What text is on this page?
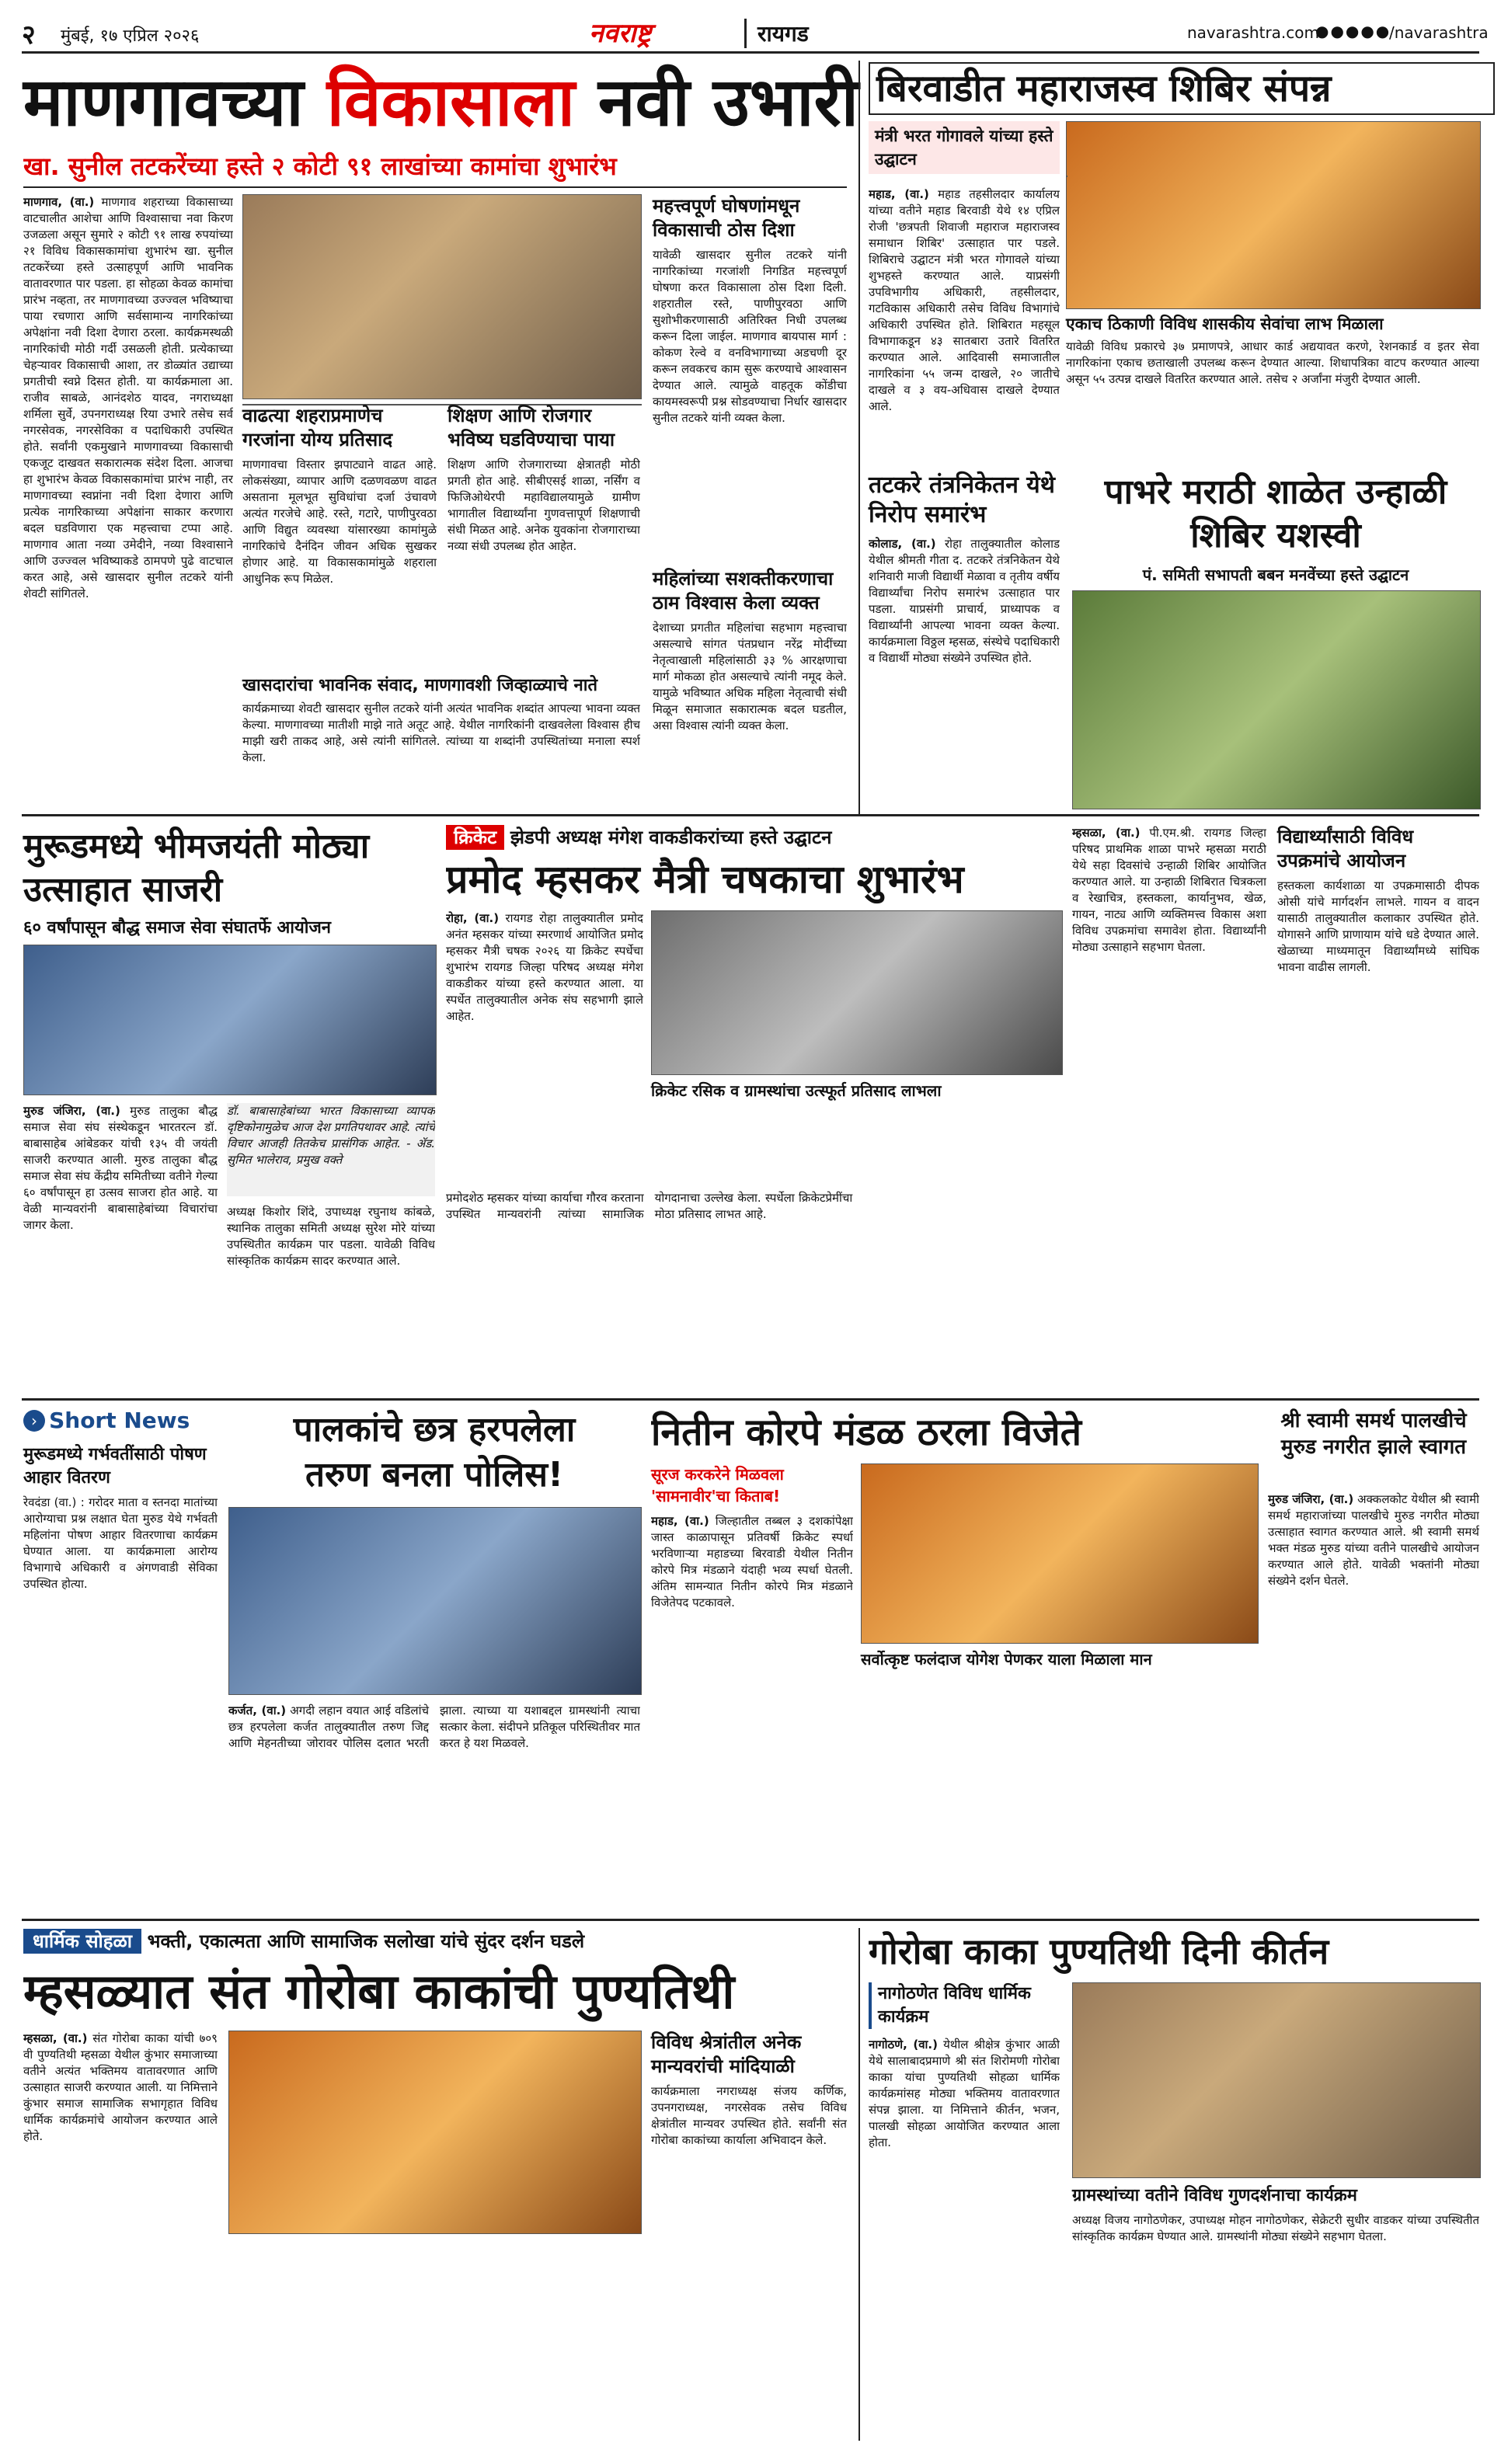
२ मुंबई, १७ एप्रिल २०२६	नवराष्ट्र	रायगड	navarashtra.com
●●●●●
/navarashtra
माणगावच्या विकासाला नवी उभारी
खा. सुनील तटकरेंच्या हस्ते २ कोटी ९१ लाखांच्या कामांचा शुभारंभ
माणगाव, (वा.) माणगाव शहराच्या विकासाच्या वाटचालीत आशेचा आणि विश्वासाचा नवा किरण उजळला असून सुमारे २ कोटी ९१ लाख रुपयांच्या २१ विविध विकासकामांचा शुभारंभ खा. सुनील तटकरेंच्या हस्ते उत्साहपूर्ण आणि भावनिक वातावरणात पार पडला. हा सोहळा केवळ कामांचा प्रारंभ नव्हता, तर माणगावच्या उज्ज्वल भविष्याचा पाया रचणारा आणि सर्वसामान्य नागरिकांच्या अपेक्षांना नवी दिशा देणारा ठरला. कार्यक्रमस्थळी नागरिकांची मोठी गर्दी उसळली होती. प्रत्येकाच्या चेहऱ्यावर विकासाची आशा, तर डोळ्यांत उद्याच्या प्रगतीची स्वप्ने दिसत होती. या कार्यक्रमाला आ. राजीव साबळे, आनंदशेठ यादव, नगराध्यक्षा शर्मिला सुर्वे, उपनगराध्यक्ष रिया उभारे तसेच सर्व नगरसेवक, नगरसेविका व पदाधिकारी उपस्थित होते. सर्वांनी एकमुखाने माणगावच्या विकासाची एकजूट दाखवत सकारात्मक संदेश दिला. आजचा हा शुभारंभ केवळ विकासकामांचा प्रारंभ नाही, तर माणगावच्या स्वप्नांना नवी दिशा देणारा आणि प्रत्येक नागरिकाच्या अपेक्षांना साकार करणारा बदल घडविणारा एक महत्त्वाचा टप्पा आहे. माणगाव आता नव्या उमेदीने, नव्या विश्वासाने आणि उज्ज्वल भविष्याकडे ठामपणे पुढे वाटचाल करत आहे, असे खासदार सुनील तटकरे यांनी शेवटी सांगितले.
वाढत्या शहराप्रमाणेच गरजांना योग्य प्रतिसाद
माणगावचा विस्तार झपाट्याने वाढत आहे. लोकसंख्या, व्यापार आणि दळणवळण वाढत असताना मूलभूत सुविधांचा दर्जा उंचावणे अत्यंत गरजेचे आहे. रस्ते, गटारे, पाणीपुरवठा आणि विद्युत व्यवस्था यांसारख्या कामांमुळे नागरिकांचे दैनंदिन जीवन अधिक सुखकर होणार आहे. या विकासकामांमुळे शहराला आधुनिक रूप मिळेल.
शिक्षण आणि रोजगार भविष्य घडविण्याचा पाया
शिक्षण आणि रोजगाराच्या क्षेत्रातही मोठी प्रगती होत आहे. सीबीएसई शाळा, नर्सिंग व फिजिओथेरपी महाविद्यालयामुळे ग्रामीण भागातील विद्यार्थ्यांना गुणवत्तापूर्ण शिक्षणाची संधी मिळत आहे. अनेक युवकांना रोजगाराच्या नव्या संधी उपलब्ध होत आहेत.
महत्त्वपूर्ण घोषणांमधून विकासाची ठोस दिशा
यावेळी खासदार सुनील तटकरे यांनी नागरिकांच्या गरजांशी निगडित महत्त्वपूर्ण घोषणा करत विकासाला ठोस दिशा दिली. शहरातील रस्ते, पाणीपुरवठा आणि सुशोभीकरणासाठी अतिरिक्त निधी उपलब्ध करून दिला जाईल. माणगाव बायपास मार्ग : कोकण रेल्वे व वनविभागाच्या अडचणी दूर करून लवकरच काम सुरू करण्याचे आश्वासन देण्यात आले. त्यामुळे वाहतूक कोंडीचा कायमस्वरूपी प्रश्न सोडवण्याचा निर्धार खासदार सुनील तटकरे यांनी व्यक्त केला.
महिलांच्या सशक्तीकरणाचा ठाम विश्वास केला व्यक्त
देशाच्या प्रगतीत महिलांचा सहभाग महत्त्वाचा असल्याचे सांगत पंतप्रधान नरेंद्र मोदींच्या नेतृत्वाखाली महिलांसाठी ३३ % आरक्षणाचा मार्ग मोकळा होत असल्याचे त्यांनी नमूद केले. यामुळे भविष्यात अधिक महिला नेतृत्वाची संधी मिळून समाजात सकारात्मक बदल घडतील, असा विश्वास त्यांनी व्यक्त केला.
खासदारांचा भावनिक संवाद, माणगावशी जिव्हाळ्याचे नाते
कार्यक्रमाच्या शेवटी खासदार सुनील तटकरे यांनी अत्यंत भावनिक शब्दांत आपल्या भावना व्यक्त केल्या. माणगावच्या मातीशी माझे नाते अतूट आहे. येथील नागरिकांनी दाखवलेला विश्वास हीच माझी खरी ताकद आहे, असे त्यांनी सांगितले. त्यांच्या या शब्दांनी उपस्थितांच्या मनाला स्पर्श केला.
बिरवाडीत महाराजस्व शिबिर संपन्न
मंत्री भरत गोगावले यांच्या हस्ते उद्घाटन
महाड, (वा.) महाड तहसीलदार कार्यालय यांच्या वतीने महाड बिरवाडी येथे १४ एप्रिल रोजी 'छत्रपती शिवाजी महाराज महाराजस्व समाधान शिबिर' उत्साहात पार पडले. शिबिराचे उद्घाटन मंत्री भरत गोगावले यांच्या शुभहस्ते करण्यात आले. याप्रसंगी उपविभागीय अधिकारी, तहसीलदार, गटविकास अधिकारी तसेच विविध विभागांचे अधिकारी उपस्थित होते. शिबिरात महसूल विभागाकडून ४३ सातबारा उतारे वितरित करण्यात आले. आदिवासी समाजातील नागरिकांना ५५ जन्म दाखले, २० जातीचे दाखले व ३ वय-अधिवास दाखले देण्यात आले.
एकाच ठिकाणी विविध शासकीय सेवांचा लाभ मिळाला
यावेळी विविध प्रकारचे ३७ प्रमाणपत्रे, आधार कार्ड अद्ययावत करणे, रेशनकार्ड व इतर सेवा नागरिकांना एकाच छताखाली उपलब्ध करून देण्यात आल्या. शिधापत्रिका वाटप करण्यात आल्या असून ५५ उत्पन्न दाखले वितरित करण्यात आले. तसेच २ अर्जांना मंजुरी देण्यात आली.
तटकरे तंत्रनिकेतन येथे निरोप समारंभ
कोलाड, (वा.) रोहा तालुक्यातील कोलाड येथील श्रीमती गीता द. तटकरे तंत्रनिकेतन येथे शनिवारी माजी विद्यार्थी मेळावा व तृतीय वर्षीय विद्यार्थ्यांचा निरोप समारंभ उत्साहात पार पडला. याप्रसंगी प्राचार्य, प्राध्यापक व विद्यार्थ्यांनी आपल्या भावना व्यक्त केल्या. कार्यक्रमाला विठ्ठल म्हसळ, संस्थेचे पदाधिकारी व विद्यार्थी मोठ्या संख्येने उपस्थित होते.
पाभरे मराठी शाळेत उन्हाळी शिबिर यशस्वी
पं. समिती सभापती बबन मनवेंच्या हस्ते उद्घाटन
मुरूडमध्ये भीमजयंती मोठ्या उत्साहात साजरी
६० वर्षांपासून बौद्ध समाज सेवा संघातर्फे आयोजन
मुरुड जंजिरा, (वा.) मुरुड तालुका बौद्ध समाज सेवा संघ संस्थेकडून भारतरत्न डॉ. बाबासाहेब आंबेडकर यांची १३५ वी जयंती साजरी करण्यात आली. मुरुड तालुका बौद्ध समाज सेवा संघ केंद्रीय समितीच्या वतीने गेल्या ६० वर्षांपासून हा उत्सव साजरा होत आहे. या वेळी मान्यवरांनी बाबासाहेबांच्या विचारांचा जागर केला.
डॉ. बाबासाहेबांच्या भारत विकासाच्या व्यापक दृष्टिकोनामुळेच आज देश प्रगतिपथावर आहे. त्यांचे विचार आजही तितकेच प्रासंगिक आहेत. - ॲड. सुमित भालेराव, प्रमुख वक्ते
अध्यक्ष किशोर शिंदे, उपाध्यक्ष रघुनाथ कांबळे, स्थानिक तालुका समिती अध्यक्ष सुरेश मोरे यांच्या उपस्थितीत कार्यक्रम पार पडला. यावेळी विविध सांस्कृतिक कार्यक्रम सादर करण्यात आले.
क्रिकेट झेडपी अध्यक्ष मंगेश वाकडीकरांच्या हस्ते उद्घाटन
प्रमोद म्हसकर मैत्री चषकाचा शुभारंभ
रोहा, (वा.) रायगड रोहा तालुक्यातील प्रमोद अनंत म्हसकर यांच्या स्मरणार्थ आयोजित प्रमोद म्हसकर मैत्री चषक २०२६ या क्रिकेट स्पर्धेचा शुभारंभ रायगड जिल्हा परिषद अध्यक्ष मंगेश वाकडीकर यांच्या हस्ते करण्यात आला. या स्पर्धेत तालुक्यातील अनेक संघ सहभागी झाले आहेत.
क्रिकेट रसिक व ग्रामस्थांचा उत्स्फूर्त प्रतिसाद लाभला
प्रमोदशेठ म्हसकर यांच्या कार्याचा गौरव करताना उपस्थित मान्यवरांनी त्यांच्या सामाजिक योगदानाचा उल्लेख केला. स्पर्धेला क्रिकेटप्रेमींचा मोठा प्रतिसाद लाभत आहे.
म्हसळा, (वा.) पी.एम.श्री. रायगड जिल्हा परिषद प्राथमिक शाळा पाभरे म्हसळा मराठी येथे सहा दिवसांचे उन्हाळी शिबिर आयोजित करण्यात आले. या उन्हाळी शिबिरात चित्रकला व रेखाचित्र, हस्तकला, कार्यानुभव, खेळ, गायन, नाट्य आणि व्यक्तिमत्त्व विकास अशा विविध उपक्रमांचा समावेश होता. विद्यार्थ्यांनी मोठ्या उत्साहाने सहभाग घेतला.
विद्यार्थ्यांसाठी विविध उपक्रमांचे आयोजन
हस्तकला कार्यशाळा या उपक्रमासाठी दीपक ओसी यांचे मार्गदर्शन लाभले. गायन व वादन यासाठी तालुक्यातील कलाकार उपस्थित होते. योगासने आणि प्राणायाम यांचे धडे देण्यात आले. खेळाच्या माध्यमातून विद्यार्थ्यांमध्ये सांघिक भावना वाढीस लागली.
› Short News
मुरूडमध्ये गर्भवतींसाठी पोषण आहार वितरण
रेवदंडा (वा.) : गरोदर माता व स्तनदा मातांच्या आरोग्याचा प्रश्न लक्षात घेता मुरुड येथे गर्भवती महिलांना पोषण आहार वितरणाचा कार्यक्रम घेण्यात आला. या कार्यक्रमाला आरोग्य विभागाचे अधिकारी व अंगणवाडी सेविका उपस्थित होत्या.
पालकांचे छत्र हरपलेला
तरुण बनला पोलिस!
कर्जत, (वा.) अगदी लहान वयात आई वडिलांचे छत्र हरपलेला कर्जत तालुक्यातील तरुण जिद्द आणि मेहनतीच्या जोरावर पोलिस दलात भरती झाला. त्याच्या या यशाबद्दल ग्रामस्थांनी त्याचा सत्कार केला. संदीपने प्रतिकूल परिस्थितीवर मात करत हे यश मिळवले.
नितीन कोरपे मंडळ ठरला विजेते
सूरज करकरेने मिळवला
'सामनावीर'चा किताब!
महाड, (वा.) जिल्हातील तब्बल ३ दशकांपेक्षा जास्त काळापासून प्रतिवर्षी क्रिकेट स्पर्धा भरविणाऱ्या महाडच्या बिरवाडी येथील नितीन कोरपे मित्र मंडळाने यंदाही भव्य स्पर्धा घेतली. अंतिम सामन्यात नितीन कोरपे मित्र मंडळाने विजेतेपद पटकावले.
सर्वोत्कृष्ट फलंदाज योगेश पेणकर याला मिळाला मान
श्री स्वामी समर्थ पालखीचे मुरुड नगरीत झाले स्वागत
मुरुड जंजिरा, (वा.) अक्कलकोट येथील श्री स्वामी समर्थ महाराजांच्या पालखीचे मुरुड नगरीत मोठ्या उत्साहात स्वागत करण्यात आले. श्री स्वामी समर्थ भक्त मंडळ मुरुड यांच्या वतीने पालखीचे आयोजन करण्यात आले होते. यावेळी भक्तांनी मोठ्या संख्येने दर्शन घेतले.
धार्मिक सोहळा भक्ती, एकात्मता आणि सामाजिक सलोखा यांचे सुंदर दर्शन घडले
म्हसळ्यात संत गोरोबा काकांची पुण्यतिथी
म्हसळा, (वा.) संत गोरोबा काका यांची ७०९ वी पुण्यतिथी म्हसळा येथील कुंभार समाजाच्या वतीने अत्यंत भक्तिमय वातावरणात आणि उत्साहात साजरी करण्यात आली. या निमित्ताने कुंभार समाज सामाजिक सभागृहात विविध धार्मिक कार्यक्रमांचे आयोजन करण्यात आले होते.
विविध श्रेत्रांतील अनेक मान्यवरांची मांदियाळी
कार्यक्रमाला नगराध्यक्ष संजय कर्णिक, उपनगराध्यक्ष, नगरसेवक तसेच विविध क्षेत्रांतील मान्यवर उपस्थित होते. सर्वांनी संत गोरोबा काकांच्या कार्याला अभिवादन केले.
गोरोबा काका पुण्यतिथी दिनी कीर्तन
नागोठणेत विविध धार्मिक कार्यक्रम
नागोठणे, (वा.) येथील श्रीक्षेत्र कुंभार आळी येथे सालाबादप्रमाणे श्री संत शिरोमणी गोरोबा काका यांचा पुण्यतिथी सोहळा धार्मिक कार्यक्रमांसह मोठ्या भक्तिमय वातावरणात संपन्न झाला. या निमित्ताने कीर्तन, भजन, पालखी सोहळा आयोजित करण्यात आला होता.
ग्रामस्थांच्या वतीने विविध गुणदर्शनाचा कार्यक्रम
अध्यक्ष विजय नागोठणेकर, उपाध्यक्ष मोहन नागोठणेकर, सेक्रेटरी सुधीर वाडकर यांच्या उपस्थितीत सांस्कृतिक कार्यक्रम घेण्यात आले. ग्रामस्थांनी मोठ्या संख्येने सहभाग घेतला.
